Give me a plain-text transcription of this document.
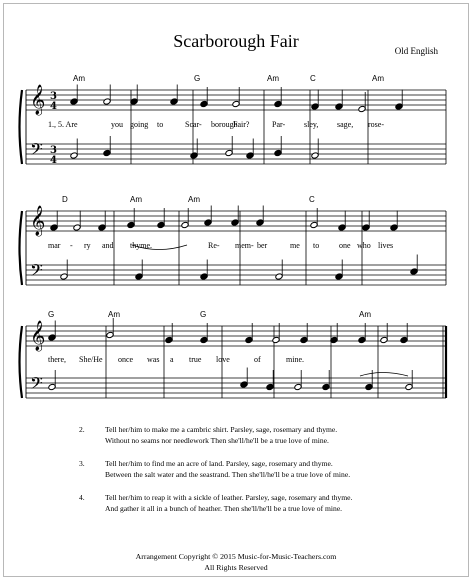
Scarborough Fair	Old English
𝄞
𝄢
3
4
3
4
Am	G	Am	C	Am
1., 5. Are	you going to	Scar- borough
Fair?	Par- sley, sage, rose-
𝄞
𝄢
D	Am	Am	C
mar - ry and thyme.	Re- mem- ber	me to one who lives
𝄞
𝄢
G	Am	G	Am
there, She/He once was a true love	of	mine.
2.	Tell her/him to make me a cambric shirt. Parsley, sage, rosemary and thyme.
Without no seams nor needlework Then she'll/he'll be a true love of mine.
3.	Tell her/him to find me an acre of land. Parsley, sage, rosemary and thyme.
Between the salt water and the seastrand. Then she'll/he'll be a true love of mine.
4.	Tell her/him to reap it with a sickle of leather. Parsley, sage, rosemary and thyme.
And gather it all in a bunch of heather. Then she'll/he'll be a true love of mine.
Arrangement Copyright © 2015 Music-for-Music-Teachers.com
All Rights Reserved
